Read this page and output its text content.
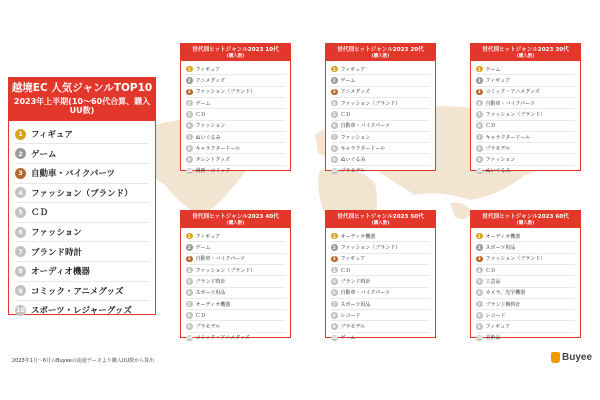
越境EC 人気ジャンルTOP10
2023年上半期(10〜60代合算、購入UU数)
1 フィギュア
2 ゲーム
3 自動車・バイクパーツ
4 ファッション（ブランド）
5 ＣＤ
6 ファッション
7 ブランド時計
8 オーディオ機器
9 コミック・アニメグッズ
10 スポーツ・レジャーグッズ
世代別ヒットジャンル2023 10代
(購入数)
1 フィギュア
2 アニメグッズ
3 ファッション（ブランド）
4 ゲーム
5 ＣＤ
6 ファッション
7 ぬいぐるみ
8 キャラクタードール
9 タレントグッズ
10 漫画・コミック
世代別ヒットジャンル2023 20代
(購入数)
1 フィギュア
2 ゲーム
3 アニメグッズ
4 ファッション（ブランド）
5 ＣＤ
6 自動車・バイクパーツ
7 ファッション
8 キャラクタードール
9 ぬいぐるみ
10 プラモデル
世代別ヒットジャンル2023 30代
(購入数)
1 ゲーム
2 フィギュア
3 コミック・アニメグッズ
4 自動車・バイクパーツ
5 ファッション（ブランド）
6 ＣＤ
7 キャラクタードール
8 プラモデル
9 ファッション
10 ぬいぐるみ
世代別ヒットジャンル2023 40代
(購入数)
1 フィギュア
2 ゲーム
3 自動車・バイクパーツ
4 ファッション（ブランド）
5 ブランド時計
6 スポーツ用品
7 オーディオ機器
8 ＣＤ
9 プラモデル
10 コミック・アニメグッズ
世代別ヒットジャンル2023 50代
(購入数)
1 オーディオ機器
2 ファッション（ブランド）
3 フィギュア
4 ＣＤ
5 ブランド時計
6 自動車・バイクパーツ
7 スポーツ用品
8 レコード
9 プラモデル
10 ゲーム
世代別ヒットジャンル2023 60代
(購入数)
1 オーディオ機器
2 スポーツ用品
3 ファッション（ブランド）
4 ＣＤ
5 工芸品
6 カメラ、光学機器
7 ブランド腕時計
8 レコード
9 フィギュア
10 美術品
2023年1月〜6月のBuyeeの流通データより購入UU数から算出	Buyee
